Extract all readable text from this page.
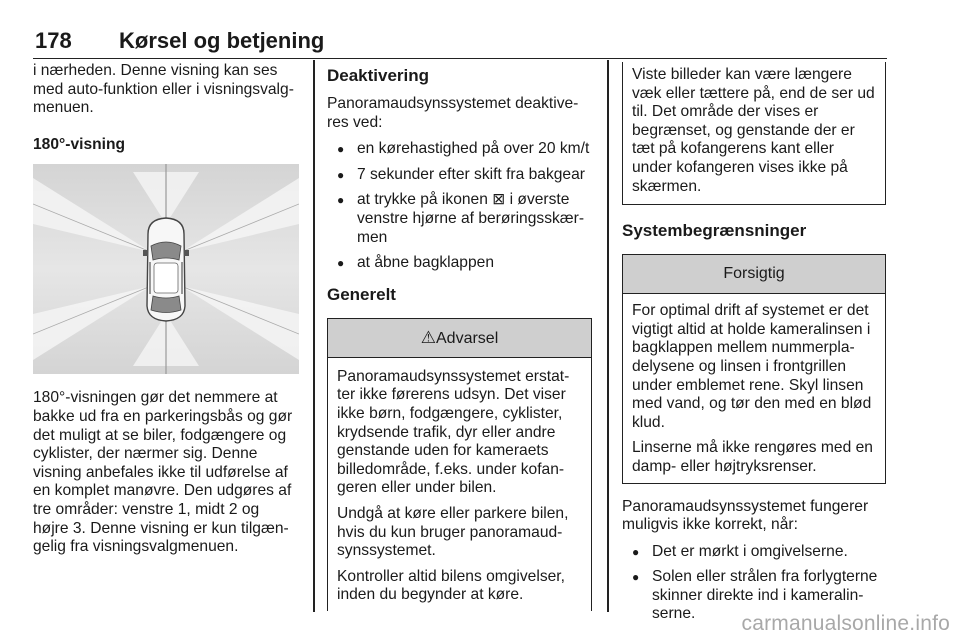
178 Kørsel og betjening

i nærheden. Denne visning kan ses med auto-funktion eller i visningsvalg-menuen.

180°-visning

180°-visningen gør det nemmere at bakke ud fra en parkeringsbås og gør det muligt at se biler, fodgængere og cyklister, der nærmer sig. Denne visning anbefales ikke til udførelse af en komplet manøvre. Den udgøres af tre områder: venstre 1, midt 2 og højre 3. Denne visning er kun tilgæn-gelig fra visningsvalgmenuen.

Deaktivering

Panoramaudsynssystemet deaktive-res ved:

● en kørehastighed på over 20 km/t
● 7 sekunder efter skift fra bakgear
● at trykke på ikonen ⊠ i øverste venstre hjørne af berøringsskær-men
● at åbne bagklappen

Generelt

⚠Advarsel

Panoramaudsynssystemet erstat-ter ikke førerens udsyn. Det viser ikke børn, fodgængere, cyklister, krydsende trafik, dyr eller andre genstande uden for kameraets billedområde, f.eks. under kofan-geren eller under bilen.

Undgå at køre eller parkere bilen, hvis du kun bruger panoramaud-synssystemet.

Kontroller altid bilens omgivelser, inden du begynder at køre.

Viste billeder kan være længere væk eller tættere på, end de ser ud til. Det område der vises er begrænset, og genstande der er tæt på kofangerens kant eller under kofangeren vises ikke på skærmen.

Systembegrænsninger

Forsigtig

For optimal drift af systemet er det vigtigt altid at holde kameralinsen i bagklappen mellem nummerpla-delysene og linsen i frontgrillen under emblemet rene. Skyl linsen med vand, og tør den med en blød klud.

Linserne må ikke rengøres med en damp- eller højtryksrenser.

Panoramaudsynssystemet fungerer muligvis ikke korrekt, når:

● Det er mørkt i omgivelserne.
● Solen eller strålen fra forlygterne skinner direkte ind i kameralin-serne.	carmanualsonline.info
